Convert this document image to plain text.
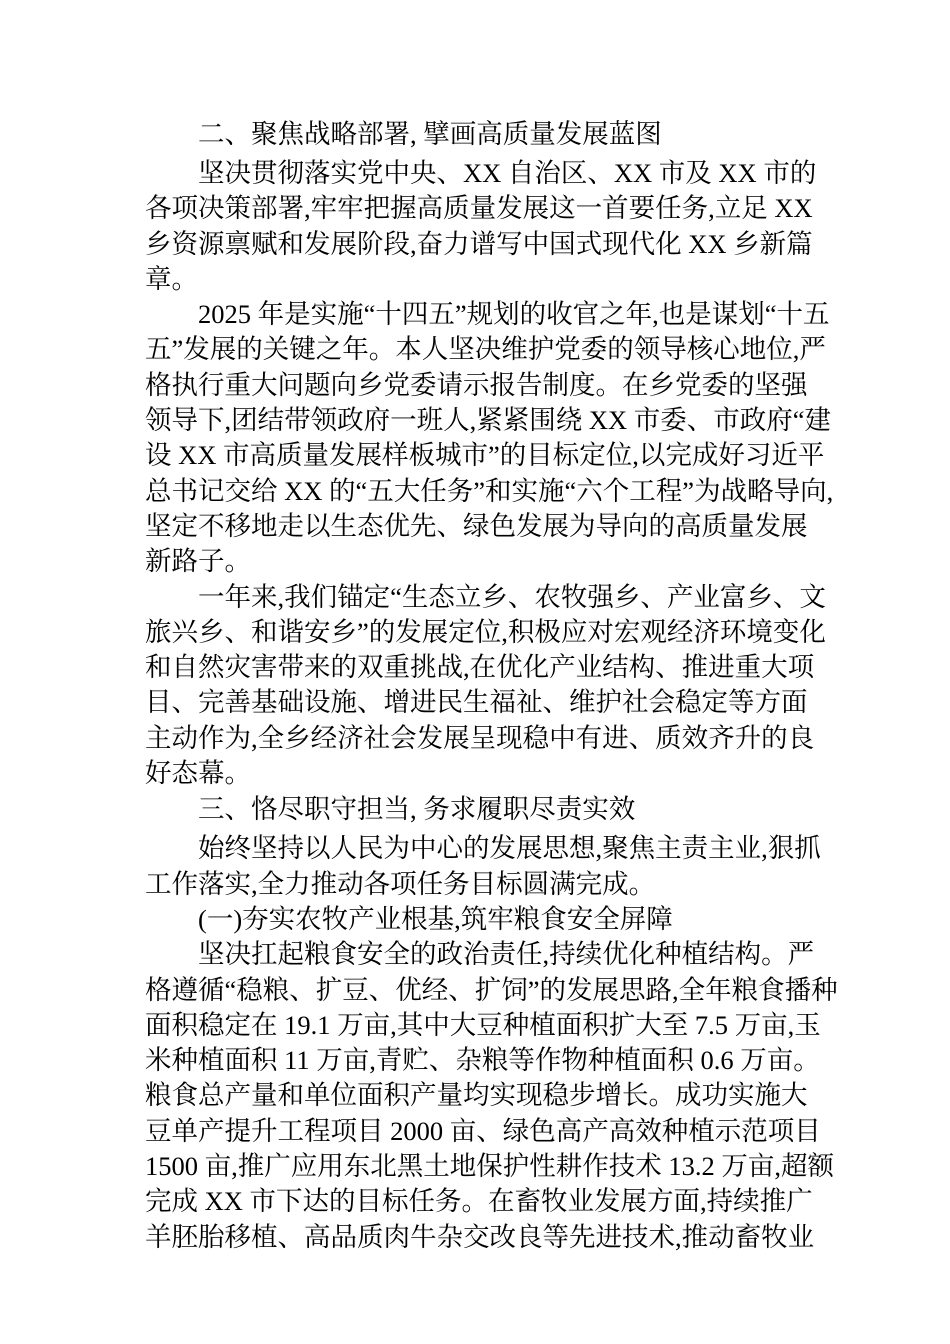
二、聚焦战略部署, 擘画高质量发展蓝图
坚决贯彻落实党中央、XX 自治区、XX 市及 XX 市的
各项决策部署,牢牢把握高质量发展这一首要任务,立足 XX
乡资源禀赋和发展阶段,奋力谱写中国式现代化 XX 乡新篇
章。
2025 年是实施“十四五”规划的收官之年,也是谋划“十五
五”发展的关键之年。本人坚决维护党委的领导核心地位,严
格执行重大问题向乡党委请示报告制度。在乡党委的坚强
领导下,团结带领政府一班人,紧紧围绕 XX 市委、市政府“建
设 XX 市高质量发展样板城市”的目标定位,以完成好习近平
总书记交给 XX 的“五大任务”和实施“六个工程”为战略导向,
坚定不移地走以生态优先、绿色发展为导向的高质量发展
新路子。
一年来,我们锚定“生态立乡、农牧强乡、产业富乡、文
旅兴乡、和谐安乡”的发展定位,积极应对宏观经济环境变化
和自然灾害带来的双重挑战,在优化产业结构、推进重大项
目、完善基础设施、增进民生福祉、维护社会稳定等方面
主动作为,全乡经济社会发展呈现稳中有进、质效齐升的良
好态幕。
三、恪尽职守担当, 务求履职尽责实效
始终坚持以人民为中心的发展思想,聚焦主责主业,狠抓
工作落实,全力推动各项任务目标圆满完成。
(一)夯实农牧产业根基,筑牢粮食安全屏障
坚决扛起粮食安全的政治责任,持续优化种植结构。严
格遵循“稳粮、扩豆、优经、扩饲”的发展思路,全年粮食播种
面积稳定在 19.1 万亩,其中大豆种植面积扩大至 7.5 万亩,玉
米种植面积 11 万亩,青贮、杂粮等作物种植面积 0.6 万亩。
粮食总产量和单位面积产量均实现稳步增长。成功实施大
豆单产提升工程项目 2000 亩、绿色高产高效种植示范项目
1500 亩,推广应用东北黑土地保护性耕作技术 13.2 万亩,超额
完成 XX 市下达的目标任务。在畜牧业发展方面,持续推广
羊胚胎移植、高品质肉牛杂交改良等先进技术,推动畜牧业
